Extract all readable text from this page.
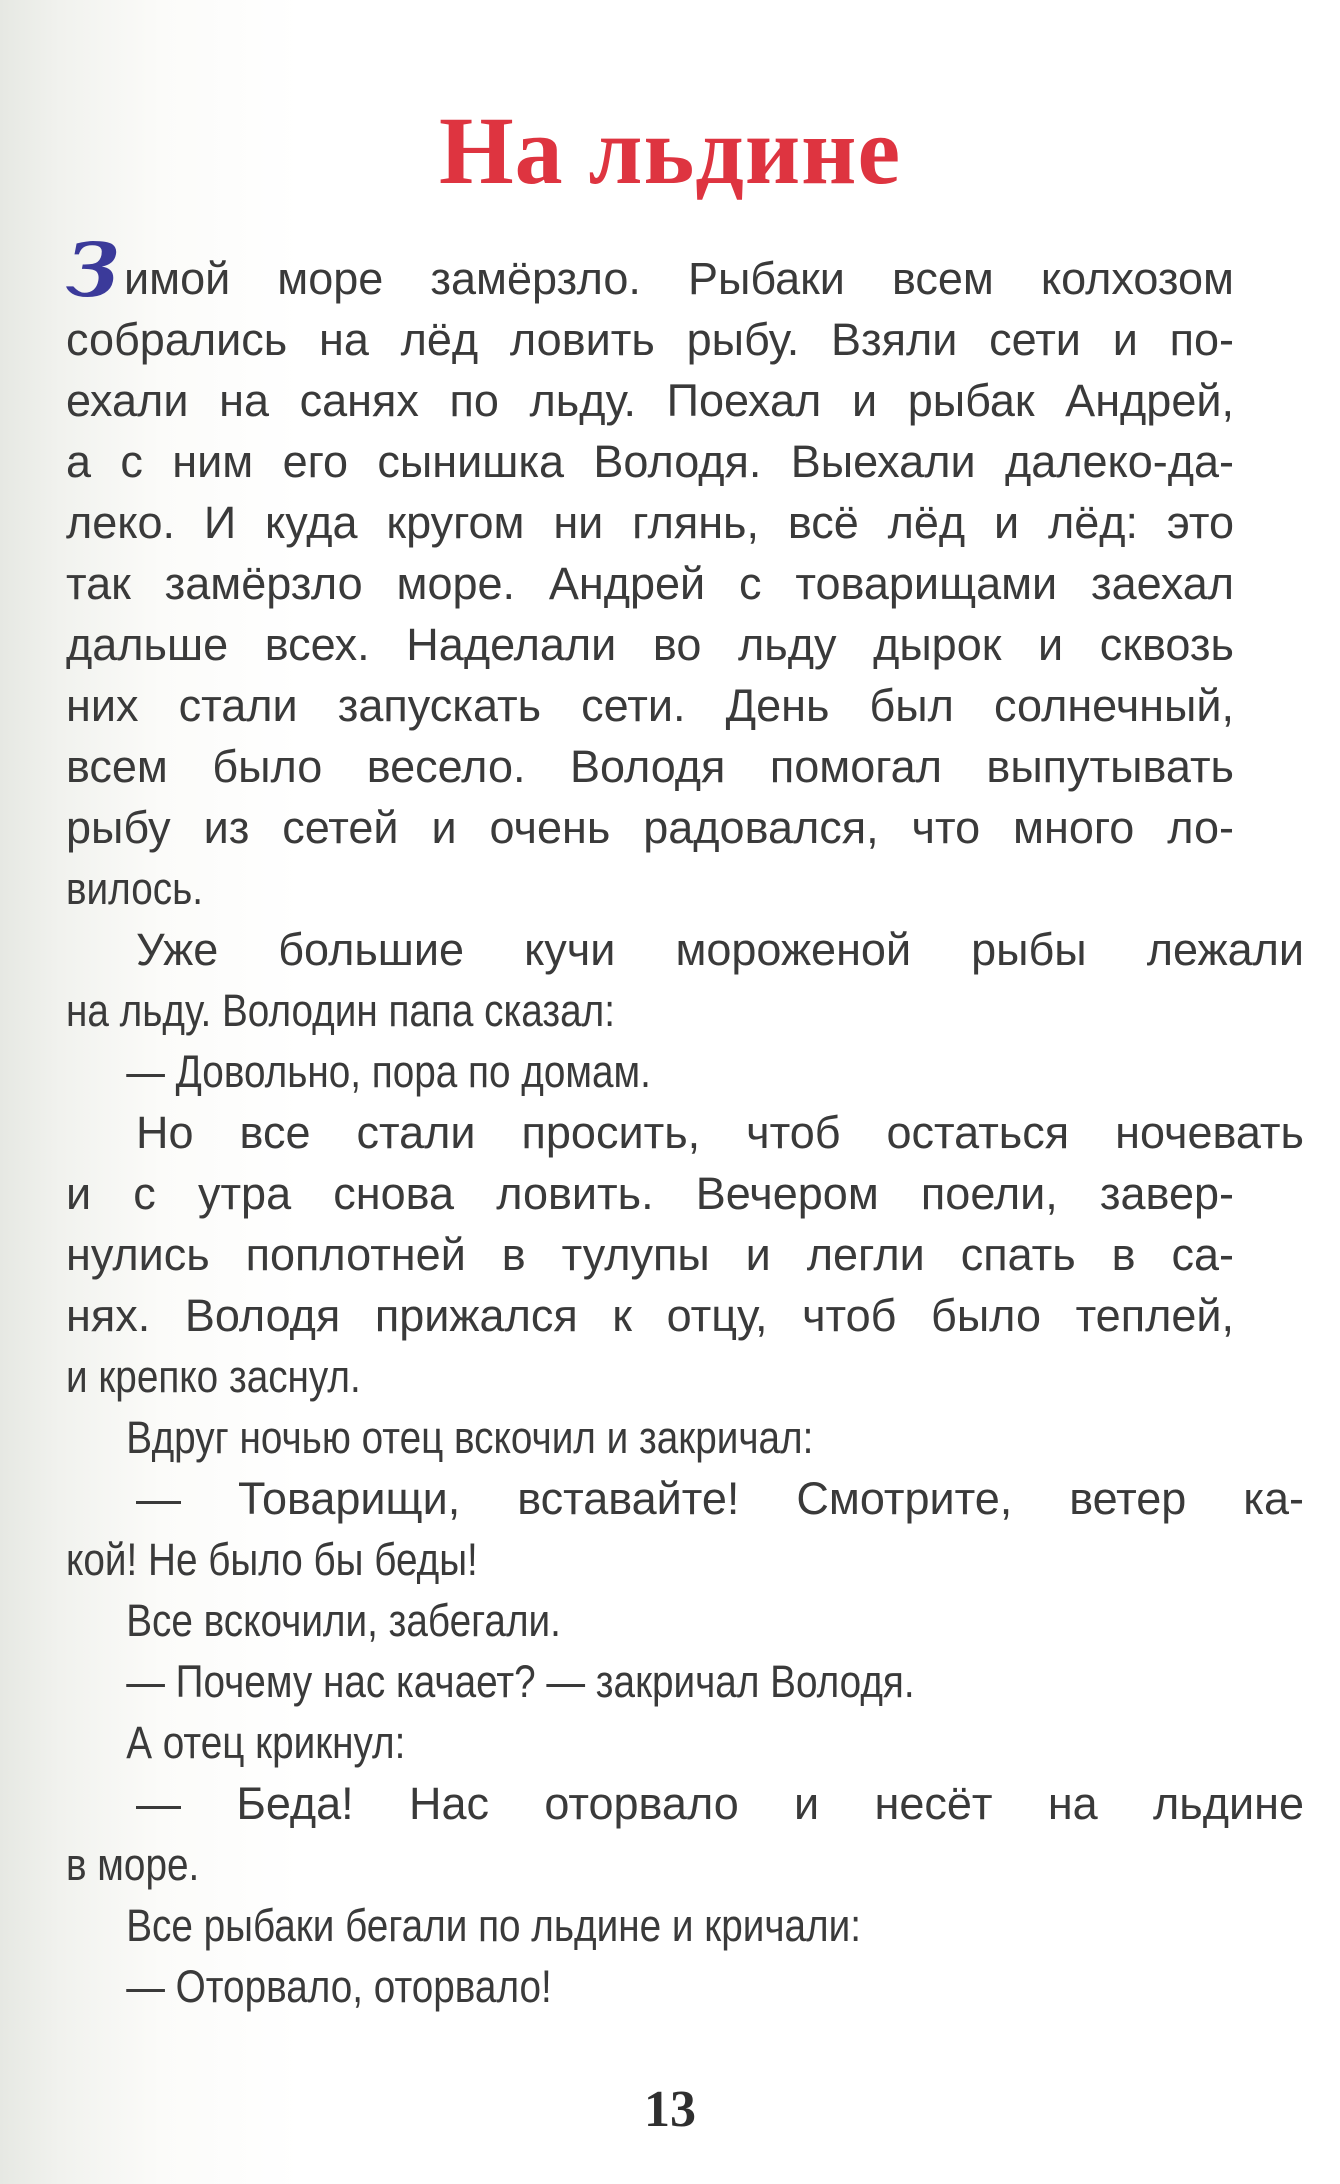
На льдине
Зимой море замёрзло. Рыбаки всем колхозом
собрались на лёд ловить рыбу. Взяли сети и по-
ехали на санях по льду. Поехал и рыбак Андрей,
а с ним его сынишка Володя. Выехали далеко-да-
леко. И куда кругом ни глянь, всё лёд и лёд: это
так замёрзло море. Андрей с товарищами заехал
дальше всех. Наделали во льду дырок и сквозь
них стали запускать сети. День был солнечный,
всем было весело. Володя помогал выпутывать
рыбу из сетей и очень радовался, что много ло-
вилось.
Уже большие кучи мороженой рыбы лежали
на льду. Володин папа сказал:
— Довольно, пора по домам.
Но все стали просить, чтоб остаться ночевать
и с утра снова ловить. Вечером поели, завер-
нулись поплотней в тулупы и легли спать в са-
нях. Володя прижался к отцу, чтоб было теплей,
и крепко заснул.
Вдруг ночью отец вскочил и закричал:
— Товарищи, вставайте! Смотрите, ветер ка-
кой! Не было бы беды!
Все вскочили, забегали.
— Почему нас качает? — закричал Володя.
А отец крикнул:
— Беда! Нас оторвало и несёт на льдине
в море.
Все рыбаки бегали по льдине и кричали:
— Оторвало, оторвало!
13
